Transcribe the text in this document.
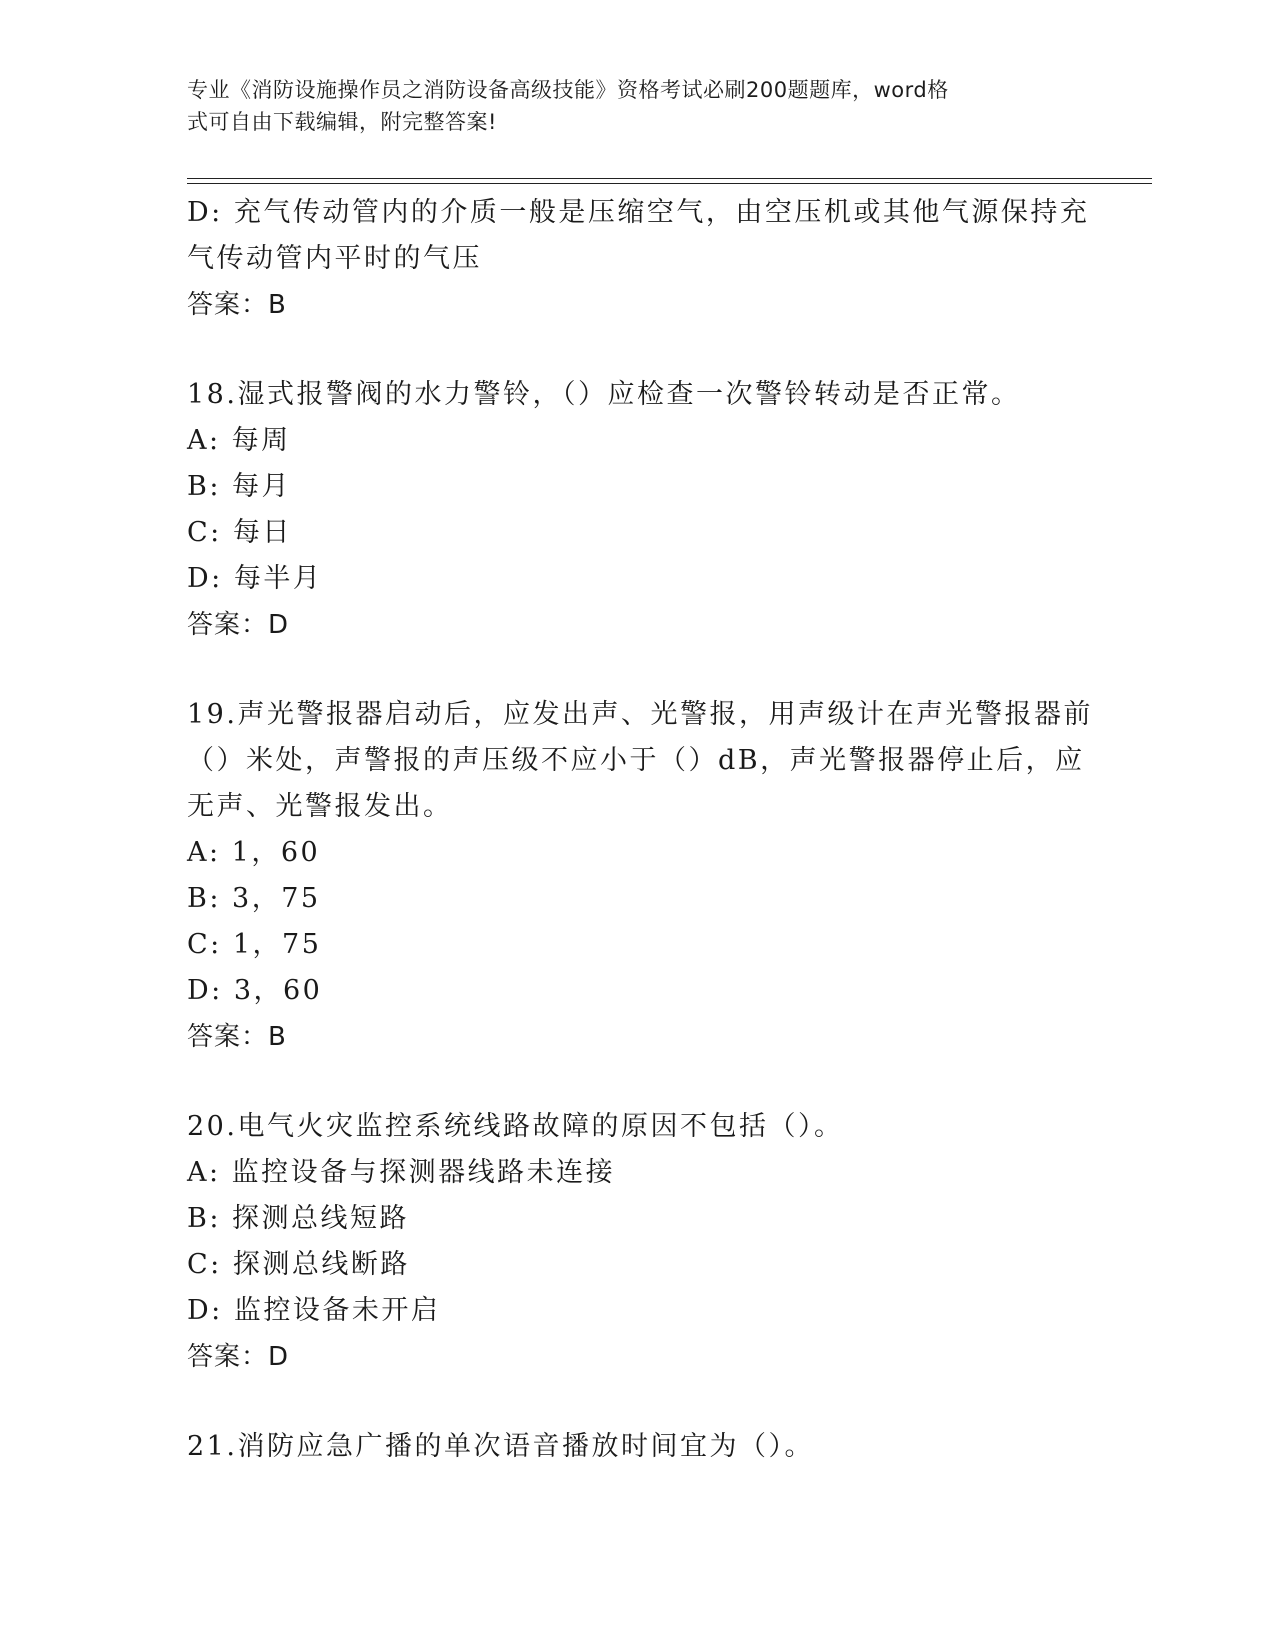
专业《消防设施操作员之消防设备高级技能》资格考试必刷200题题库，word格
式可自由下载编辑，附完整答案!
D: 充气传动管内的介质一般是压缩空气，由空压机或其他气源保持充
气传动管内平时的气压
答案：B
18.湿式报警阀的水力警铃，（）应检查一次警铃转动是否正常。
A: 每周
B: 每月
C: 每日
D: 每半月
答案：D
19.声光警报器启动后，应发出声、光警报，用声级计在声光警报器前
（）米处，声警报的声压级不应小于（）dB，声光警报器停止后，应
无声、光警报发出。
A: 1，60
B: 3，75
C: 1，75
D: 3，60
答案：B
20.电气火灾监控系统线路故障的原因不包括（）。
A: 监控设备与探测器线路未连接
B: 探测总线短路
C: 探测总线断路
D: 监控设备未开启
答案：D
21.消防应急广播的单次语音播放时间宜为（）。
